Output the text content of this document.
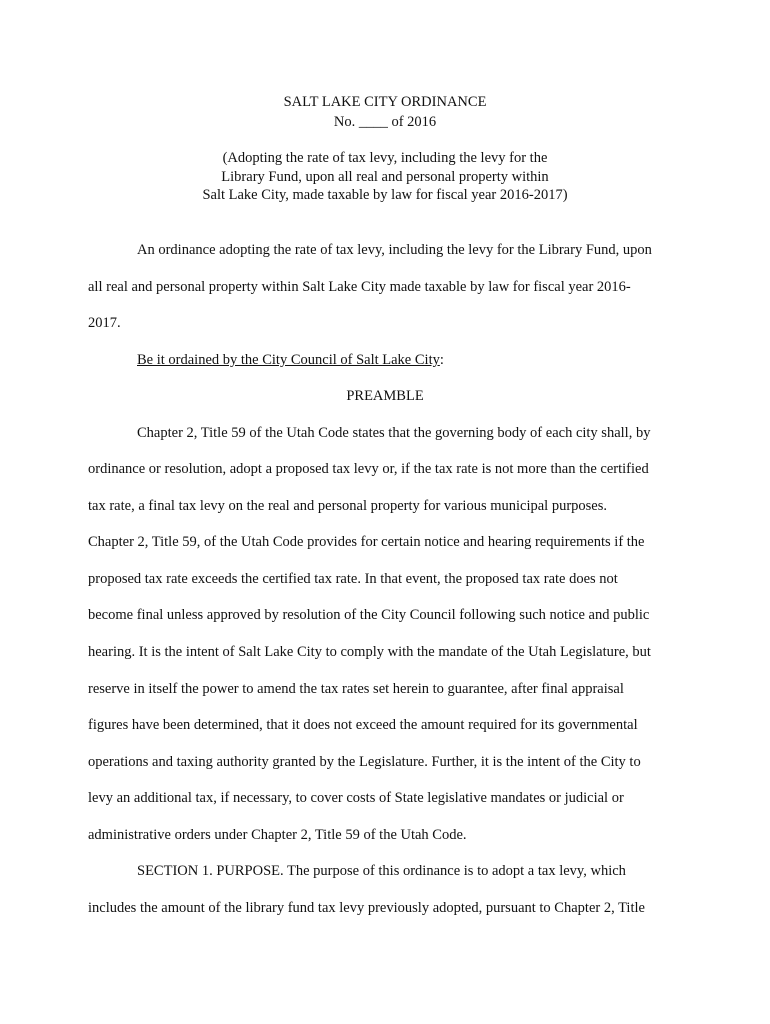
SALT LAKE CITY ORDINANCE
No. ____ of 2016
(Adopting the rate of tax levy, including the levy for the
Library Fund, upon all real and personal property within
Salt Lake City, made taxable by law for fiscal year 2016-2017)
An ordinance adopting the rate of tax levy, including the levy for the Library Fund, upon
all real and personal property within Salt Lake City made taxable by law for fiscal year 2016-
2017.
Be it ordained by the City Council of Salt Lake City:
PREAMBLE
Chapter 2, Title 59 of the Utah Code states that the governing body of each city shall, by
ordinance or resolution, adopt a proposed tax levy or, if the tax rate is not more than the certified
tax rate, a final tax levy on the real and personal property for various municipal purposes.
Chapter 2, Title 59, of the Utah Code provides for certain notice and hearing requirements if the
proposed tax rate exceeds the certified tax rate. In that event, the proposed tax rate does not
become final unless approved by resolution of the City Council following such notice and public
hearing. It is the intent of Salt Lake City to comply with the mandate of the Utah Legislature, but
reserve in itself the power to amend the tax rates set herein to guarantee, after final appraisal
figures have been determined, that it does not exceed the amount required for its governmental
operations and taxing authority granted by the Legislature. Further, it is the intent of the City to
levy an additional tax, if necessary, to cover costs of State legislative mandates or judicial or
administrative orders under Chapter 2, Title 59 of the Utah Code.
SECTION 1. PURPOSE. The purpose of this ordinance is to adopt a tax levy, which
includes the amount of the library fund tax levy previously adopted, pursuant to Chapter 2, Title
